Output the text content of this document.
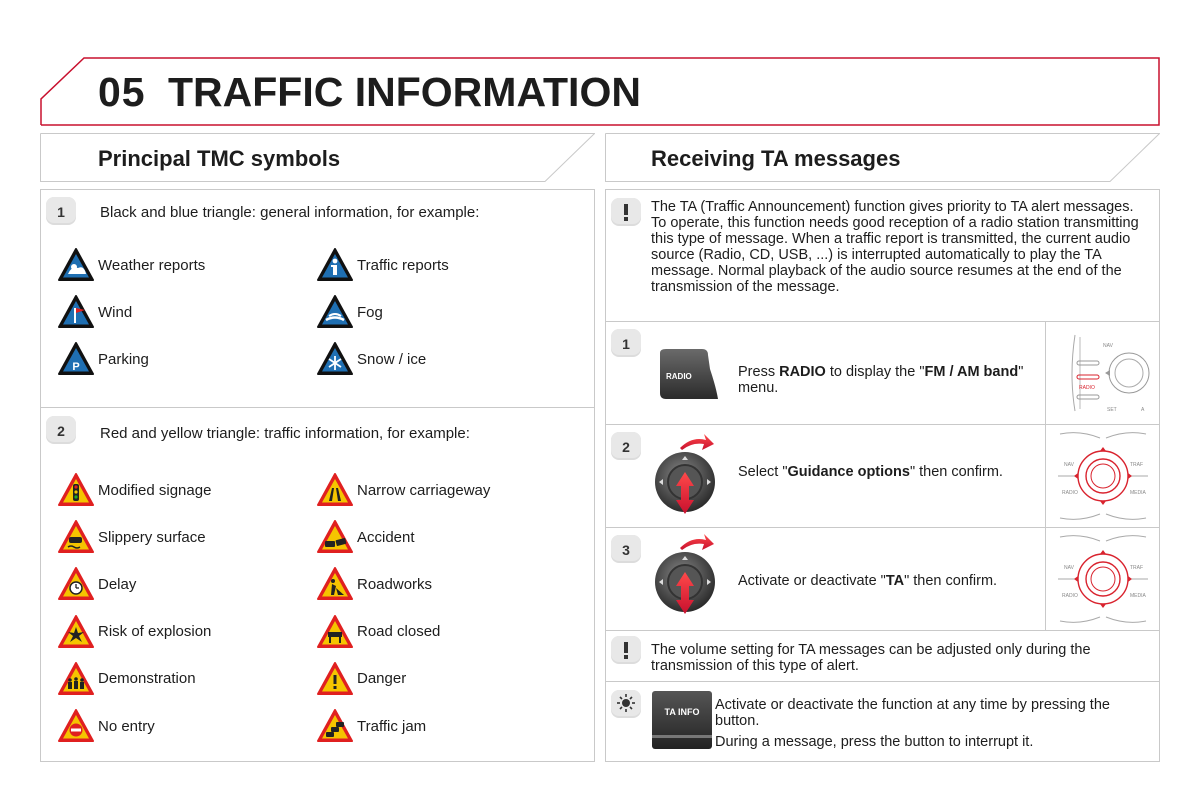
05 TRAFFIC INFORMATION
Principal TMC symbols
1 Black and blue triangle: general information, for example:
Weather reports	Traffic reports
Wind	Fog
P Parking	Snow / ice
2 Red and yellow triangle: traffic information, for example:
Modified signage	Narrow carriageway
Slippery surface	Accident
Delay	Roadworks
Risk of explosion	Road closed
Demonstration	Danger
No entry	Traffic jam
Receiving TA messages
The TA (Traffic Announcement) function gives priority to TA alert messages. To operate, this function needs good reception of a radio station transmitting this type of message. When a traffic report is transmitted, the current audio source (Radio, CD, USB, ...) is interrupted automatically to play the TA message. Normal playback of the audio source resumes at the end of the transmission of the message.
1
RADIO	Press RADIO to display the "FM / AM band" menu.
NAV
RADIO
SET	A
2
Select "Guidance options" then confirm.	NAV	TRAF
RADIO	MEDIA
3
Activate or deactivate "TA" then confirm.
NAV	TRAF
RADIO	MEDIA
The volume setting for TA messages can be adjusted only during the transmission of this type of alert.
TA INFO Activate or deactivate the function at any time by pressing the button.
During a message, press the button to interrupt it.
